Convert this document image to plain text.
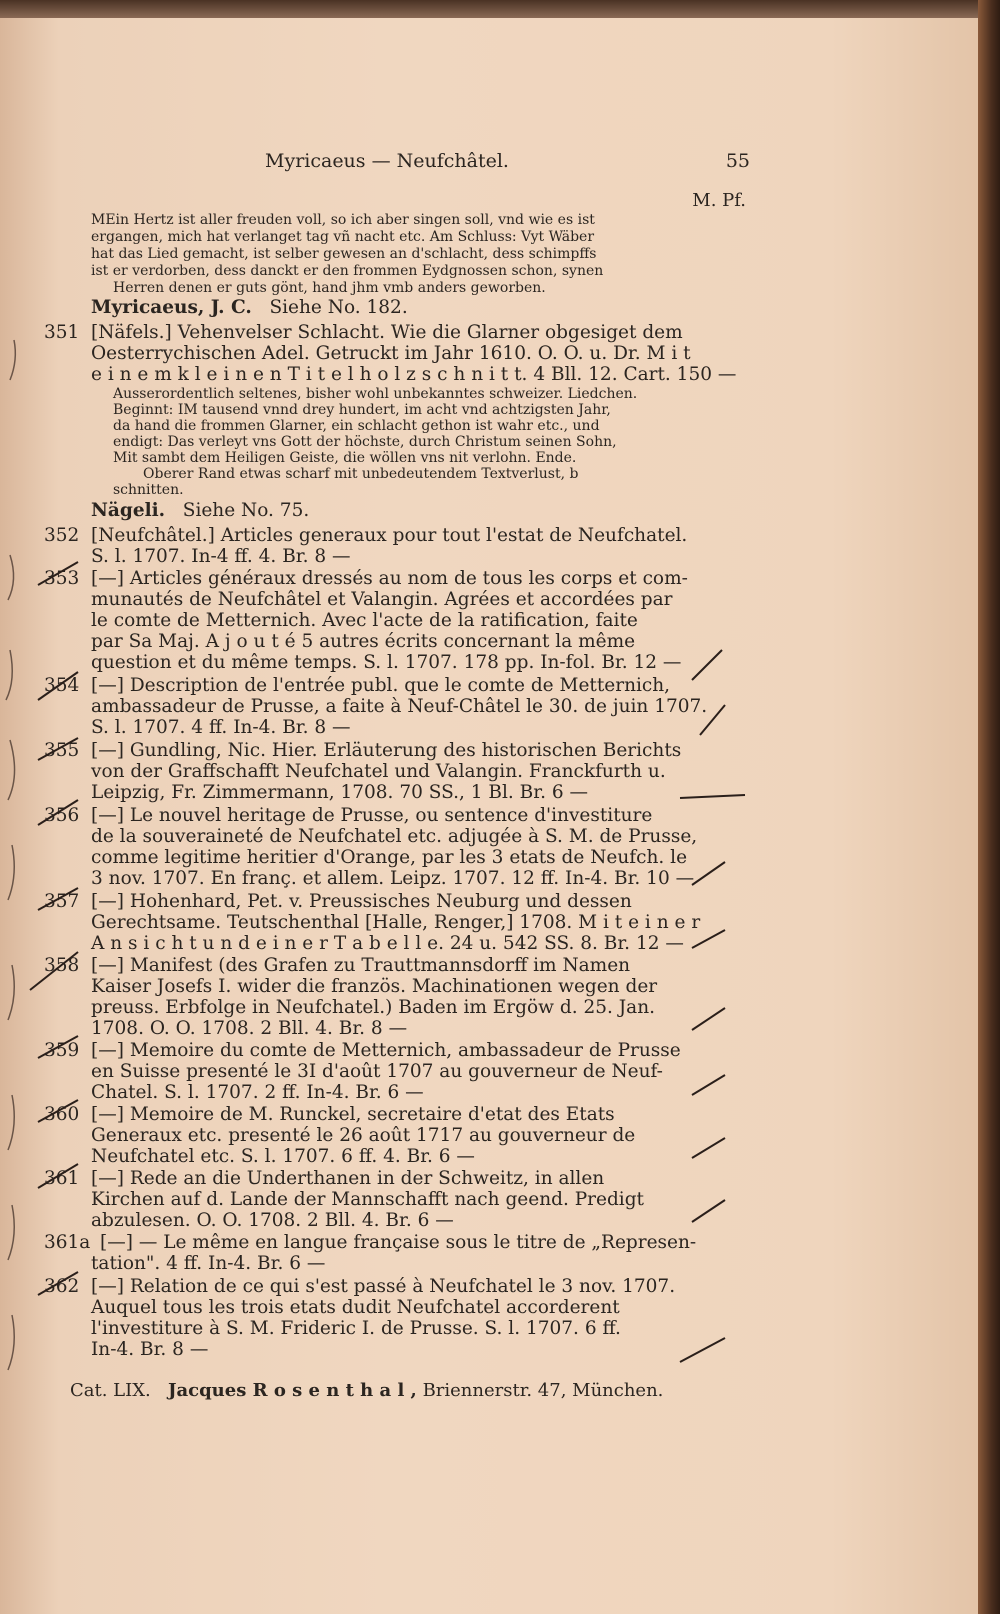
Myricaeus — Neufchâtel.	55
M. Pf.
MEin Hertz ist aller freuden voll, so ich aber singen soll, vnd wie es ist
ergangen, mich hat verlanget tag vñ nacht etc. Am Schluss: Vyt Wäber
hat das Lied gemacht, ist selber gewesen an d'schlacht, dess schimpffs
ist er verdorben, dess danckt er den frommen Eydgnossen schon, synen
Herren denen er guts gönt, hand jhm vmb anders geworben.
Myricaeus, J. C. Siehe No. 182.
351 [Näfels.] Vehenvelser Schlacht. Wie die Glarner obgesiget dem
Oesterrychischen Adel. Getruckt im Jahr 1610. O. O. u. Dr. M i t
e i n e m k l e i n e n T i t e l h o l z s c h n i t t. 4 Bll. 12. Cart. 150 —
Ausserordentlich seltenes, bisher wohl unbekanntes schweizer. Liedchen.
Beginnt: IM tausend vnnd drey hundert, im acht vnd achtzigsten Jahr,
da hand die frommen Glarner, ein schlacht gethon ist wahr etc., und
endigt: Das verleyt vns Gott der höchste, durch Christum seinen Sohn,
Mit sambt dem Heiligen Geiste, die wöllen vns nit verlohn. Ende.
Oberer Rand etwas scharf mit unbedeutendem Textverlust, b
schnitten.
Nägeli. Siehe No. 75.
352 [Neufchâtel.] Articles generaux pour tout l'estat de Neufchatel.
S. l. 1707. In-4 ff. 4. Br. 8 —
353 [—] Articles généraux dressés au nom de tous les corps et com-
munautés de Neufchâtel et Valangin. Agrées et accordées par
le comte de Metternich. Avec l'acte de la ratification, faite
par Sa Maj. A j o u t é 5 autres écrits concernant la même
question et du même temps. S. l. 1707. 178 pp. In-fol. Br. 12 —
354 [—] Description de l'entrée publ. que le comte de Metternich,
ambassadeur de Prusse, a faite à Neuf-Châtel le 30. de juin 1707.
S. l. 1707. 4 ff. In-4. Br. 8 —
355 [—] Gundling, Nic. Hier. Erläuterung des historischen Berichts
von der Graffschafft Neufchatel und Valangin. Franckfurth u.
Leipzig, Fr. Zimmermann, 1708. 70 SS., 1 Bl. Br. 6 —
356 [—] Le nouvel heritage de Prusse, ou sentence d'investiture
de la souveraineté de Neufchatel etc. adjugée à S. M. de Prusse,
comme legitime heritier d'Orange, par les 3 etats de Neufch. le
3 nov. 1707. En franç. et allem. Leipz. 1707. 12 ff. In-4. Br. 10 —
357 [—] Hohenhard, Pet. v. Preussisches Neuburg und dessen
Gerechtsame. Teutschenthal [Halle, Renger,] 1708. M i t e i n e r
A n s i c h t u n d e i n e r T a b e l l e. 24 u. 542 SS. 8. Br. 12 —
358 [—] Manifest (des Grafen zu Trauttmannsdorff im Namen
Kaiser Josefs I. wider die französ. Machinationen wegen der
preuss. Erbfolge in Neufchatel.) Baden im Ergöw d. 25. Jan.
1708. O. O. 1708. 2 Bll. 4. Br. 8 —
359 [—] Memoire du comte de Metternich, ambassadeur de Prusse
en Suisse presenté le 3I d'août 1707 au gouverneur de Neuf-
Chatel. S. l. 1707. 2 ff. In-4. Br. 6 —
360 [—] Memoire de M. Runckel, secretaire d'etat des Etats
Generaux etc. presenté le 26 août 1717 au gouverneur de
Neufchatel etc. S. l. 1707. 6 ff. 4. Br. 6 —
361 [—] Rede an die Underthanen in der Schweitz, in allen
Kirchen auf d. Lande der Mannschafft nach geend. Predigt
abzulesen. O. O. 1708. 2 Bll. 4. Br. 6 —
361a [—] — Le même en langue française sous le titre de „Represen-
tation". 4 ff. In-4. Br. 6 —
362 [—] Relation de ce qui s'est passé à Neufchatel le 3 nov. 1707.
Auquel tous les trois etats dudit Neufchatel accorderent
l'investiture à S. M. Frideric I. de Prusse. S. l. 1707. 6 ff.
In-4. Br. 8 —
Cat. LIX. Jacques R o s e n t h a l , Briennerstr. 47, München.
